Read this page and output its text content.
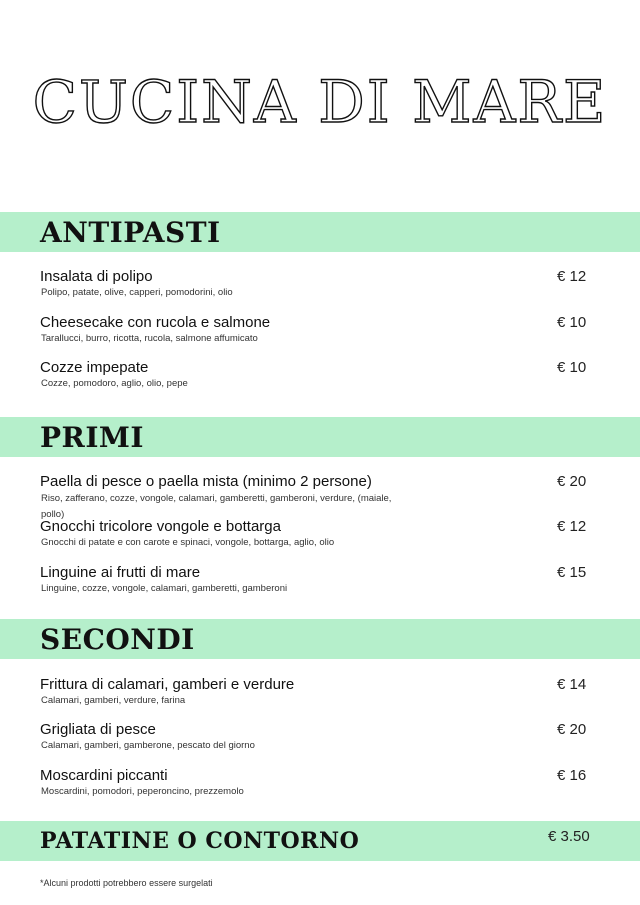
CUCINA DI MARE
ANTIPASTI
Insalata di polipo
Polipo, patate, olive, capperi, pomodorini, olio
€ 12
Cheesecake con rucola e salmone
Tarallucci, burro, ricotta, rucola, salmone affumicato
€ 10
Cozze impepate
Cozze, pomodoro, aglio, olio, pepe
€ 10
PRIMI
Paella di pesce o paella mista (minimo 2 persone)
Riso, zafferano, cozze, vongole, calamari, gamberetti, gamberoni, verdure, (maiale, pollo)
€ 20
Gnocchi tricolore vongole e bottarga
Gnocchi di patate e con carote e spinaci, vongole, bottarga, aglio, olio
€ 12
Linguine ai frutti di mare
Linguine, cozze, vongole, calamari, gamberetti, gamberoni
€ 15
SECONDI
Frittura di calamari, gamberi e verdure
Calamari, gamberi, verdure, farina
€ 14
Grigliata di pesce
Calamari, gamberi, gamberone, pescato del giorno
€ 20
Moscardini piccanti
Moscardini, pomodori, peperoncino, prezzemolo
€ 16
PATATINE O CONTORNO	€ 3.50
*Alcuni prodotti potrebbero essere surgelati
